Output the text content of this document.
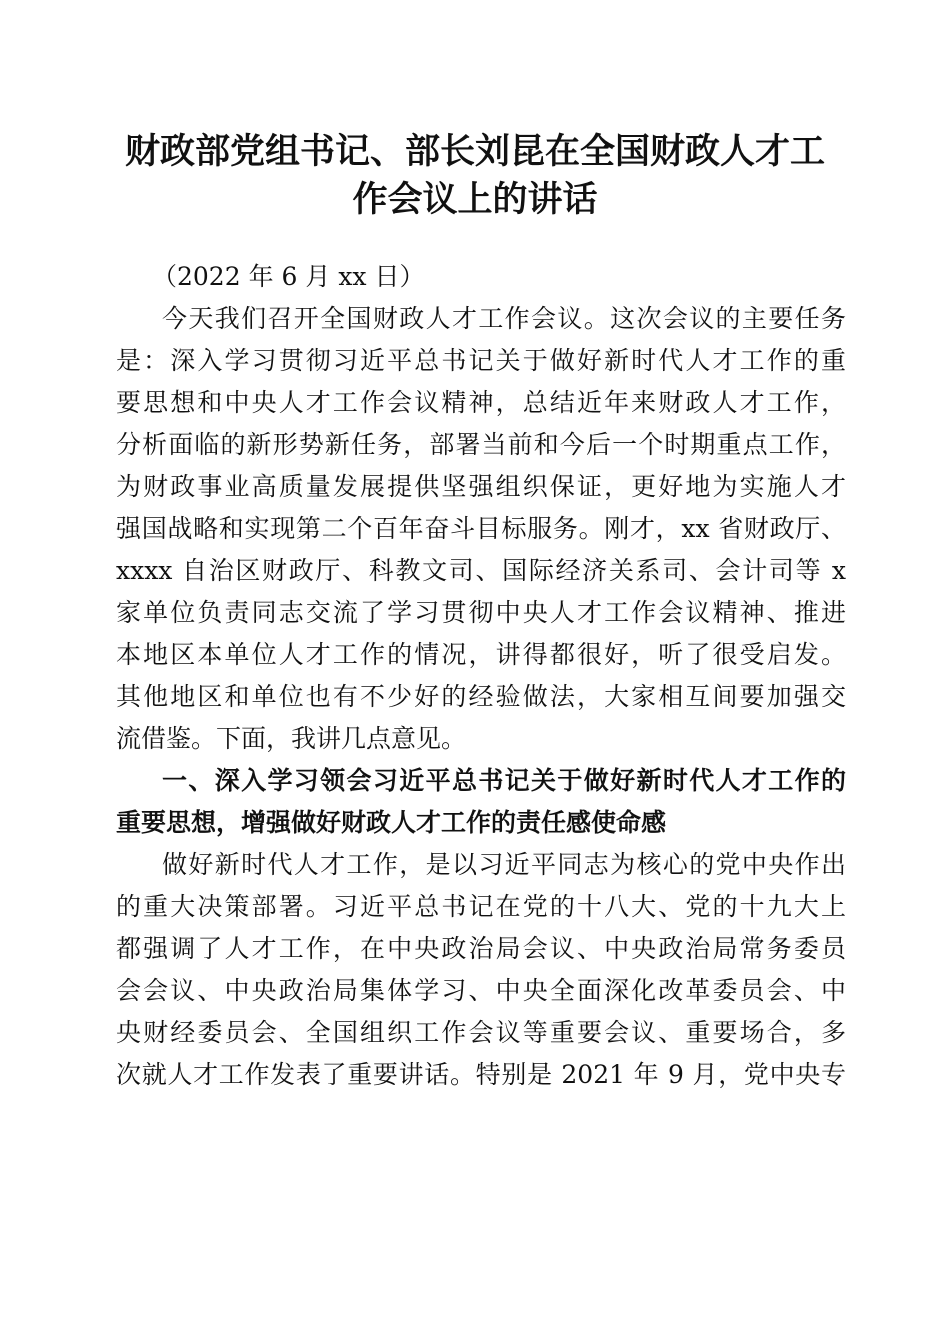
财政部党组书记、部长刘昆在全国财政人才工
作会议上的讲话
（2022 年 6 月 xx 日）
今天我们召开全国财政人才工作会议。这次会议的主要任务
是：深入学习贯彻习近平总书记关于做好新时代人才工作的重
要思想和中央人才工作会议精神，总结近年来财政人才工作，
分析面临的新形势新任务，部署当前和今后一个时期重点工作，
为财政事业高质量发展提供坚强组织保证，更好地为实施人才
强国战略和实现第二个百年奋斗目标服务。刚才，xx 省财政厅、
xxxx 自治区财政厅、科教文司、国际经济关系司、会计司等 x
家单位负责同志交流了学习贯彻中央人才工作会议精神、推进
本地区本单位人才工作的情况，讲得都很好，听了很受启发。
其他地区和单位也有不少好的经验做法，大家相互间要加强交
流借鉴。下面，我讲几点意见。
一、深入学习领会习近平总书记关于做好新时代人才工作的
重要思想，增强做好财政人才工作的责任感使命感
做好新时代人才工作，是以习近平同志为核心的党中央作出
的重大决策部署。习近平总书记在党的十八大、党的十九大上
都强调了人才工作，在中央政治局会议、中央政治局常务委员
会会议、中央政治局集体学习、中央全面深化改革委员会、中
央财经委员会、全国组织工作会议等重要会议、重要场合，多
次就人才工作发表了重要讲话。特别是 2021 年 9 月，党中央专
